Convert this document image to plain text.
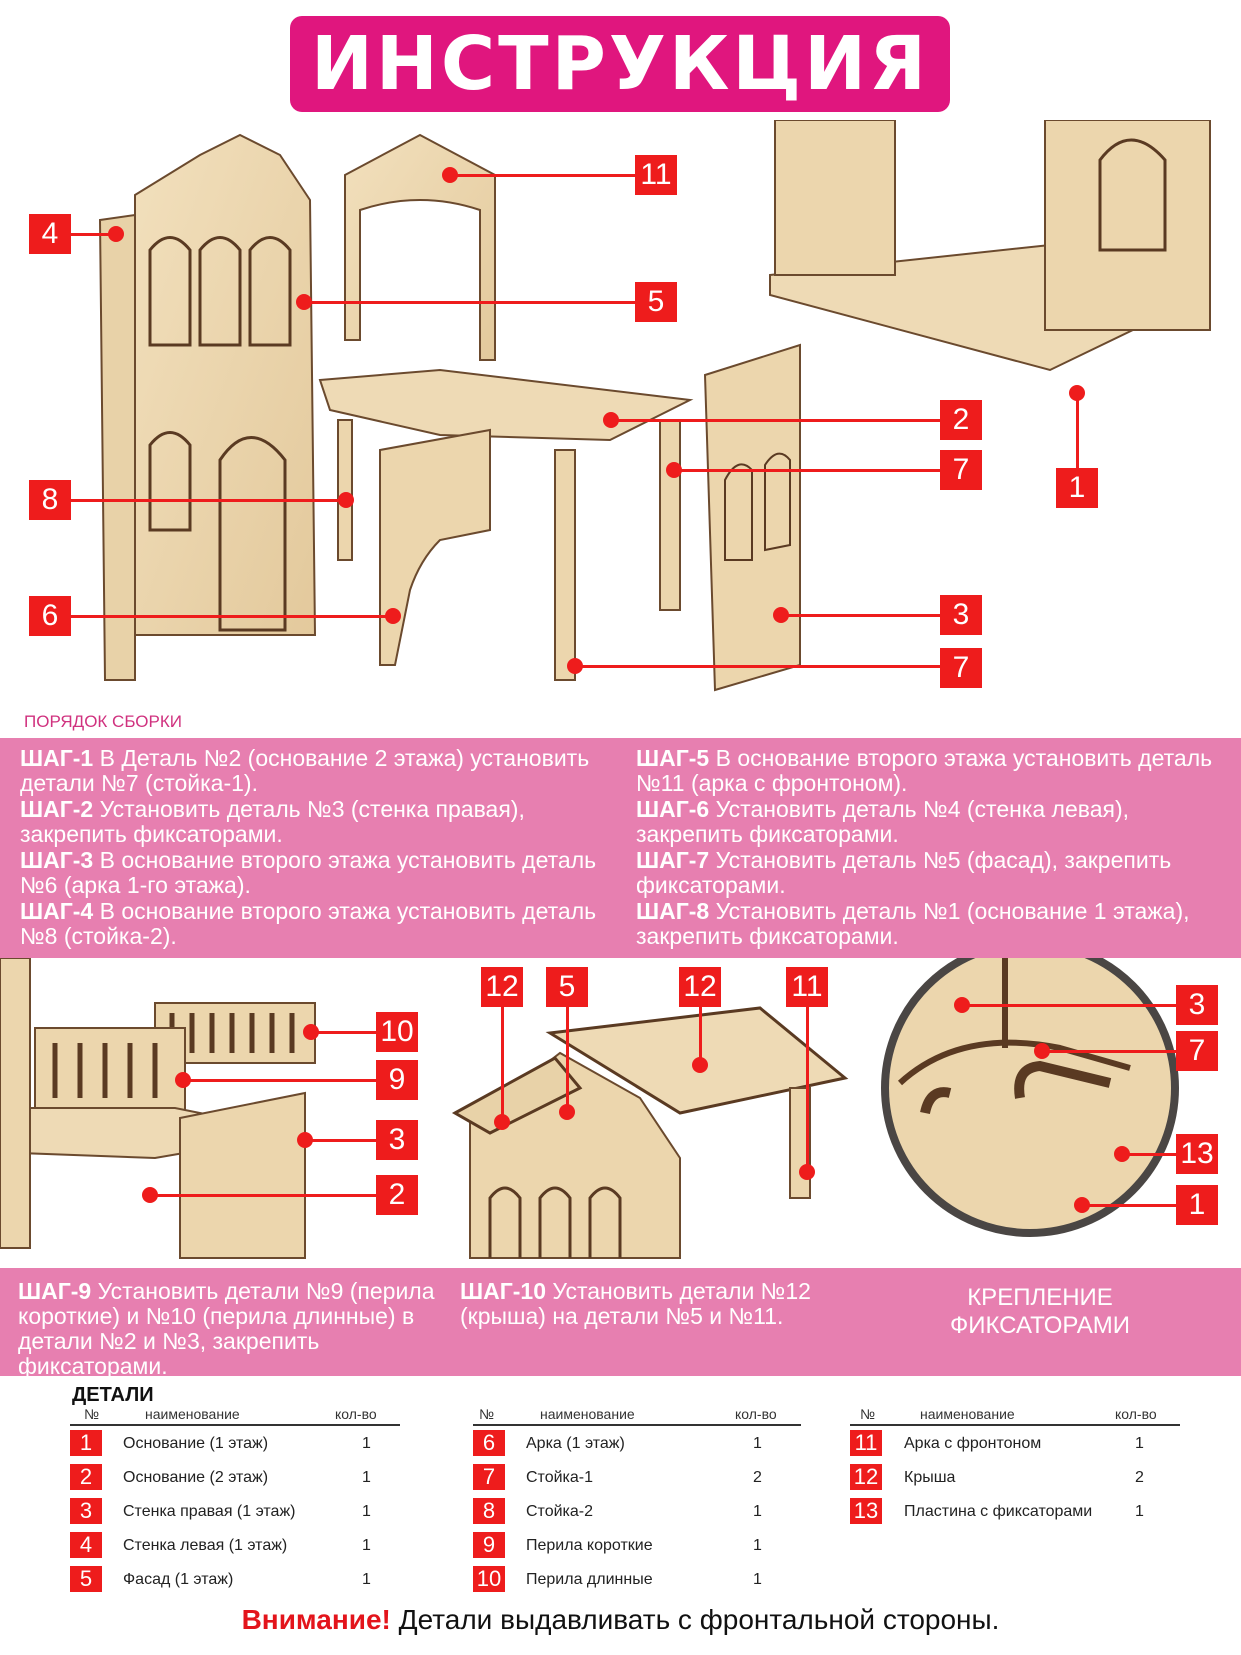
ИНСТРУКЦИЯ
4
11
5
2
7
8
6	3
7
1
ПОРЯДОК СБОРКИ
ШАГ-1 В Деталь №2 (основание 2 этажа) установить детали №7 (стойка-1).
ШАГ-2 Установить деталь №3 (стенка правая), закрепить фиксаторами.
ШАГ-3 В основание второго этажа установить деталь №6 (арка 1-го этажа).
ШАГ-4 В основание второго этажа установить деталь №8 (стойка-2).
ШАГ-5 В основание второго этажа установить деталь №11 (арка с фронтоном).
ШАГ-6 Установить деталь №4 (стенка левая), закрепить фиксаторами.
ШАГ-7 Установить деталь №5 (фасад), закрепить фиксаторами.
ШАГ-8 Установить деталь №1 (основание 1 этажа), закрепить фиксаторами.
10
9
3
2
12	5	12 11
3
7
13
1
ШАГ-9 Установить детали №9 (перила короткие) и №10 (перила длинные) в детали №2 и №3, закрепить фиксаторами.
ШАГ-10 Установить детали №12 (крыша) на детали №5 и №11.
КРЕПЛЕНИЕ
ФИКСАТОРАМИ
ДЕТАЛИ
№	наименование	кол-во
1	Основание (1 этаж)	1
2	Основание (2 этаж)	1
3	Стенка правая (1 этаж)	1
4	Стенка левая (1 этаж)	1
5	Фасад (1 этаж)	1
№	наименование	кол-во
6	Арка (1 этаж)	1
7	Стойка-1	2
8	Стойка-2	1
9	Перила короткие	1
10 Перила длинные	1
№	наименование	кол-во
11 Арка с фронтоном	1
12 Крыша	2
13 Пластина с фиксаторами	1
Внимание! Детали выдавливать с фронтальной стороны.
